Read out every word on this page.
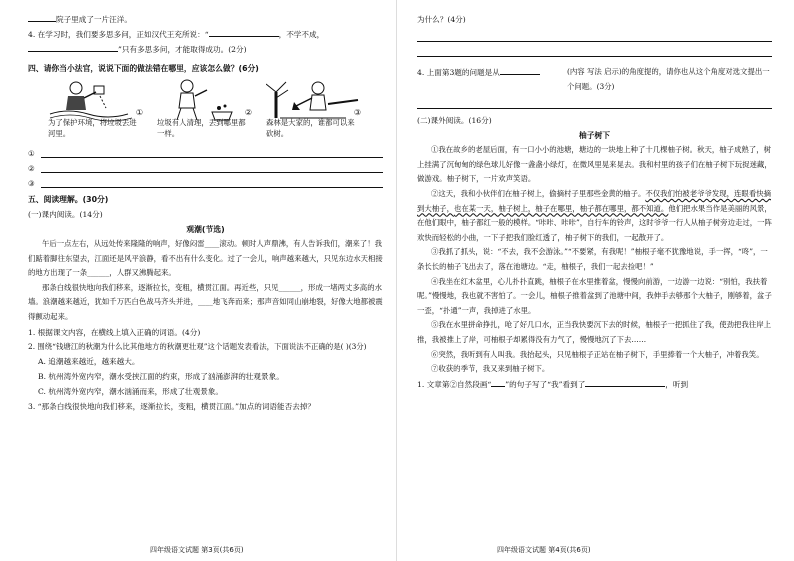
院子里成了一片汪洋。
4. 在学习时，我们要多思多问，正如汉代王充所说：“	，不学不成，
”只有多思多问，才能取得成功。(2分)
四、请你当小法官，说说下面的做法错在哪里，应该怎么做？(6分)
①
为了保护环境，将垃圾丢进河里。
②
垃圾有人清理，丢到哪里都一样。
③
森林是大家的，谁都可以来砍树。
①
②
③
五、阅读理解。(30分)
(一)课内阅读。(14分)
观潮(节选)
午后一点左右，从远处传来隆隆的响声，好像闷雷____滚动。顿时人声鼎沸，有人告诉我们，潮来了！我们踮着脚往东望去，江面还是风平浪静，看不出有什么变化。过了一会儿，响声越来越大，只见东边水天相接的地方出现了一条______，人群又沸腾起来。
那条白线很快地向我们移来，逐渐拉长，变粗，横贯江面。再近些，只见______，形成一堵两丈多高的水墙。浪潮越来越近，犹如千万匹白色战马齐头并进，____地飞奔而来；那声音如同山崩地裂，好像大地都被震得颤动起来。
1. 根据课文内容，在横线上填入正确的词语。(4分)
2. 围绕“钱塘江的秋潮为什么比其他地方的秋潮更壮观”这个话题发表看法，下面说法不正确的是( )(3分)
A. 追潮越来越近，越来越大。
B. 杭州湾外宽内窄，潮水受挟江面的约束，形成了汹涌澎湃的壮观景象。
C. 杭州湾外宽内窄，潮水汹涌而来，形成了壮观景象。
3. “那条白线很快地向我们移来，逐渐拉长，变粗，横贯江面。”加点的词语能否去掉？
四年级语文试题 第3页(共6页)
为什么？(4分)
4. 上面第3题的问题是从	(内容 写法 启示)的角度提的，请你也从这个角度对选文提出一个问题。(3分)
(二)课外阅读。(16分)
柚子树下
①我在故乡的老屋后面，有一口小小的池塘，塘边的一块地上种了十几棵柚子树。秋天，柚子成熟了，树上挂满了沉甸甸的绿色球儿好像一盏盏小绿灯，在微风里晃来晃去。我和村里的孩子们在柚子树下玩捉迷藏，做游戏。柚子树下，一片欢声笑语。
②这天，我和小伙伴们在柚子树上，偷摘村子里那些金黄的柚子。不仅我们怕被老爷爷发现，连眼看快摘到大柚子，也在某一天，柚子树上，柚子在哪里，柚子都在哪里，都不知道。他们把水果当作是美丽的风景，在他们眼中，柚子都红一般的模样。“咔咔、咔咔”，自行车的铃声，这时爷爷一行人从柚子树旁边走过，一阵欢快而轻松的小曲，一下子把我们脸红透了，柚子树下的我们，一起散开了。
③我抓了抓头，说：“不去，我不会游泳。”“不要紧，有我呢！”柚根子毫不犹豫地说，手一挥，“咚”，一条长长的柚子飞出去了，落在池塘边。“走，柚根子，我们一起去捡吧！”
④我坐在红木盆里，心儿扑扑直跳，柚根子在水里推着盆，慢慢向前游，一边游一边说：“别怕，我扶着呢。”慢慢地，我也就不害怕了。一会儿，柚根子推着盆到了池塘中间，我伸手去够那个大柚子，刚够着，盆子一歪，“扑通”一声，我掉进了水里。
⑤我在水里拼命挣扎，呛了好几口水，正当我快要沉下去的时候，柚根子一把抓住了我，使劲把我往岸上推，我被推上了岸，可柚根子却累得没有力气了，慢慢地沉了下去……
⑥突然，我听到有人叫我。我抬起头，只见柚根子正站在柚子树下，手里捧着一个大柚子，冲着我笑。
⑦收获的季节，我又来到柚子树下。
1. 文章第②自然段画“ ”的句子写了“我”看到了	，听到
四年级语文试题 第4页(共6页)
